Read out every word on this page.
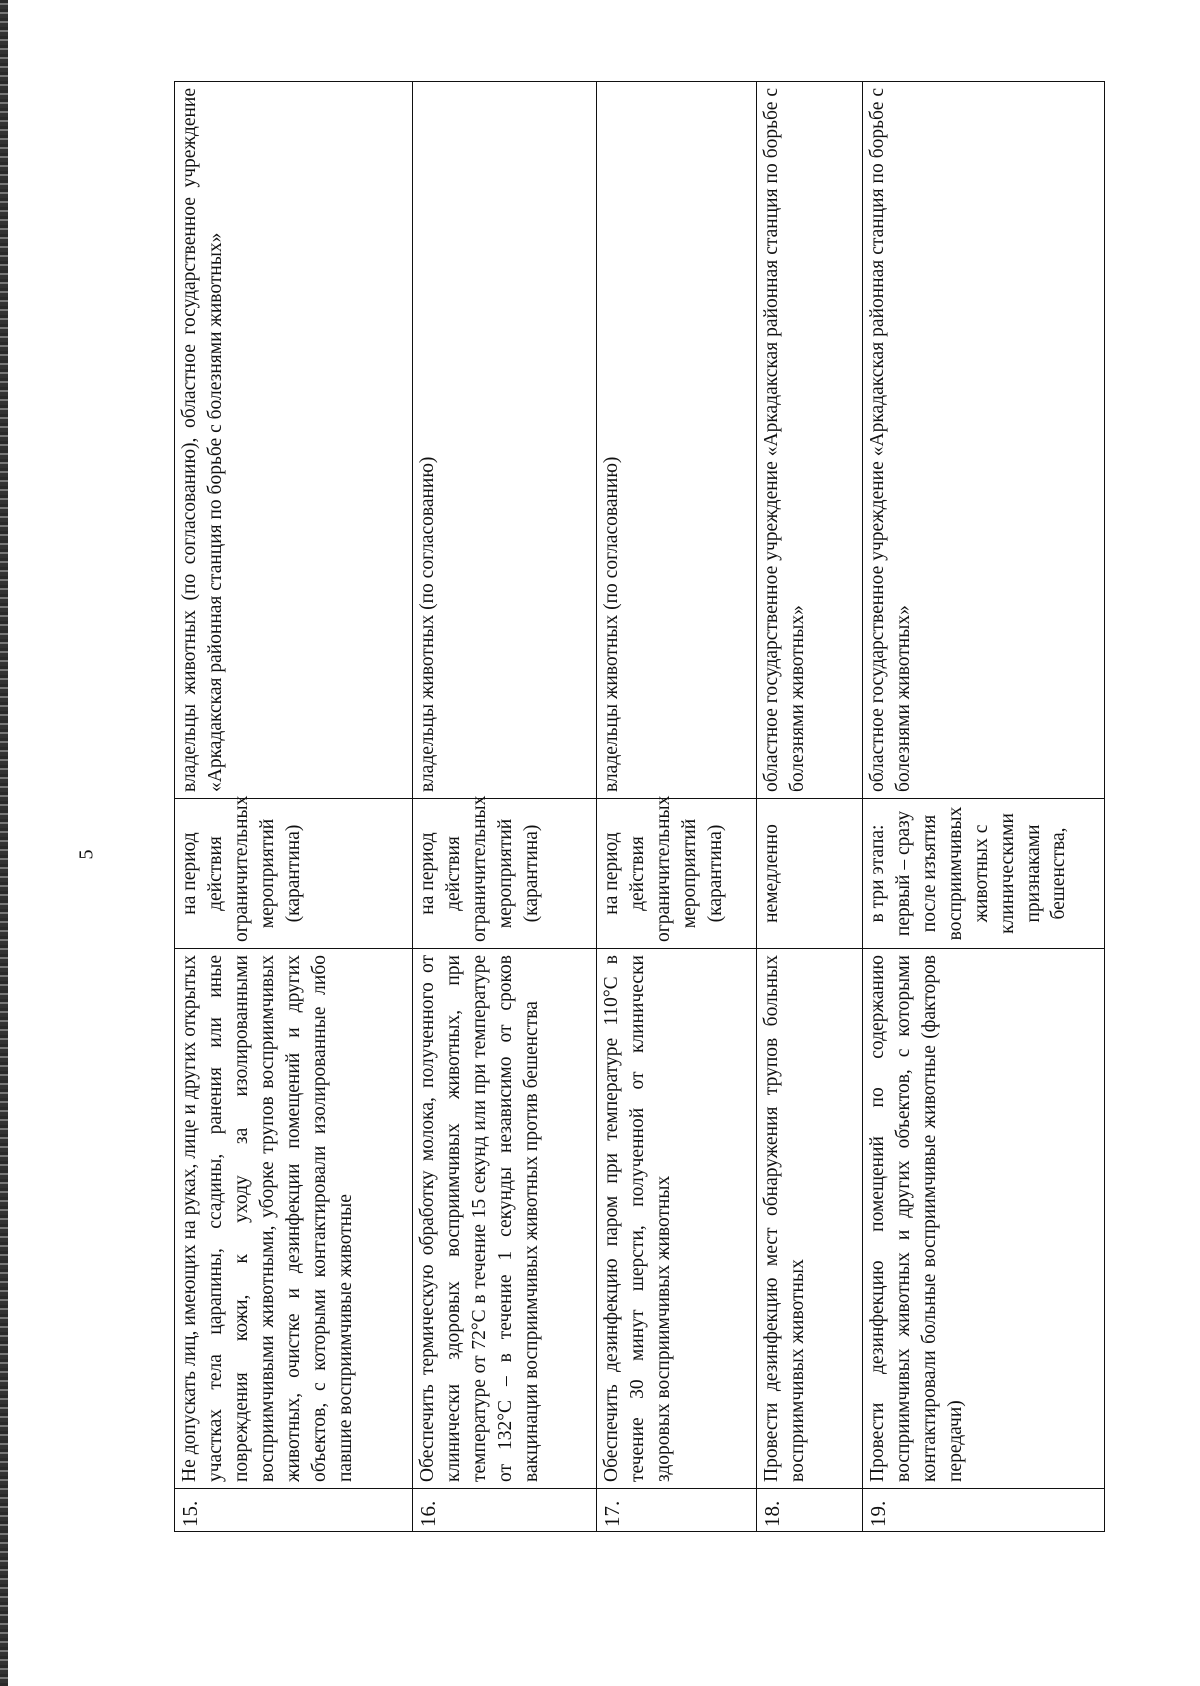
5
15.	Не допускать лиц, имеющих на руках, лице и других открытых участках тела царапины, ссадины, ранения или иные повреждения кожи, к уходу за изолированными восприимчивыми животными, уборке трупов восприимчивых животных, очистке и дезинфекции помещений и других объектов, с которыми контактировали изолированные либо павшие восприимчивые животные	на период действия ограничительных мероприятий (карантина)	владельцы животных (по согласованию), областное государственное учреждение «Аркадакская районная станция по борьбе с болезнями животных»
16.	Обеспечить термическую обработку молока, полученного от клинически здоровых восприимчивых животных, при температуре от 72°С в течение 15 секунд или при температуре от 132°С – в течение 1 секунды независимо от сроков вакцинации восприимчивых животных против бешенства	на период действия ограничительных мероприятий (карантина)	владельцы животных (по согласованию)
17.	Обеспечить дезинфекцию паром при температуре 110°С в течение 30 минут шерсти, полученной от клинически здоровых восприимчивых животных	на период действия ограничительных мероприятий (карантина)	владельцы животных (по согласованию)
18.	Провести дезинфекцию мест обнаружения трупов больных восприимчивых животных	немедленно	областное государственное учреждение «Аркадакская районная станция по борьбе с болезнями животных»
19.	Провести дезинфекцию помещений по содержанию восприимчивых животных и других объектов, с которыми контактировали больные восприимчивые животные (факторов передачи)	в три этапа: первый – сразу после изъятия восприимчивых животных с клиническими признаками бешенства,	областное государственное учреждение «Аркадакская районная станция по борьбе с болезнями животных»
